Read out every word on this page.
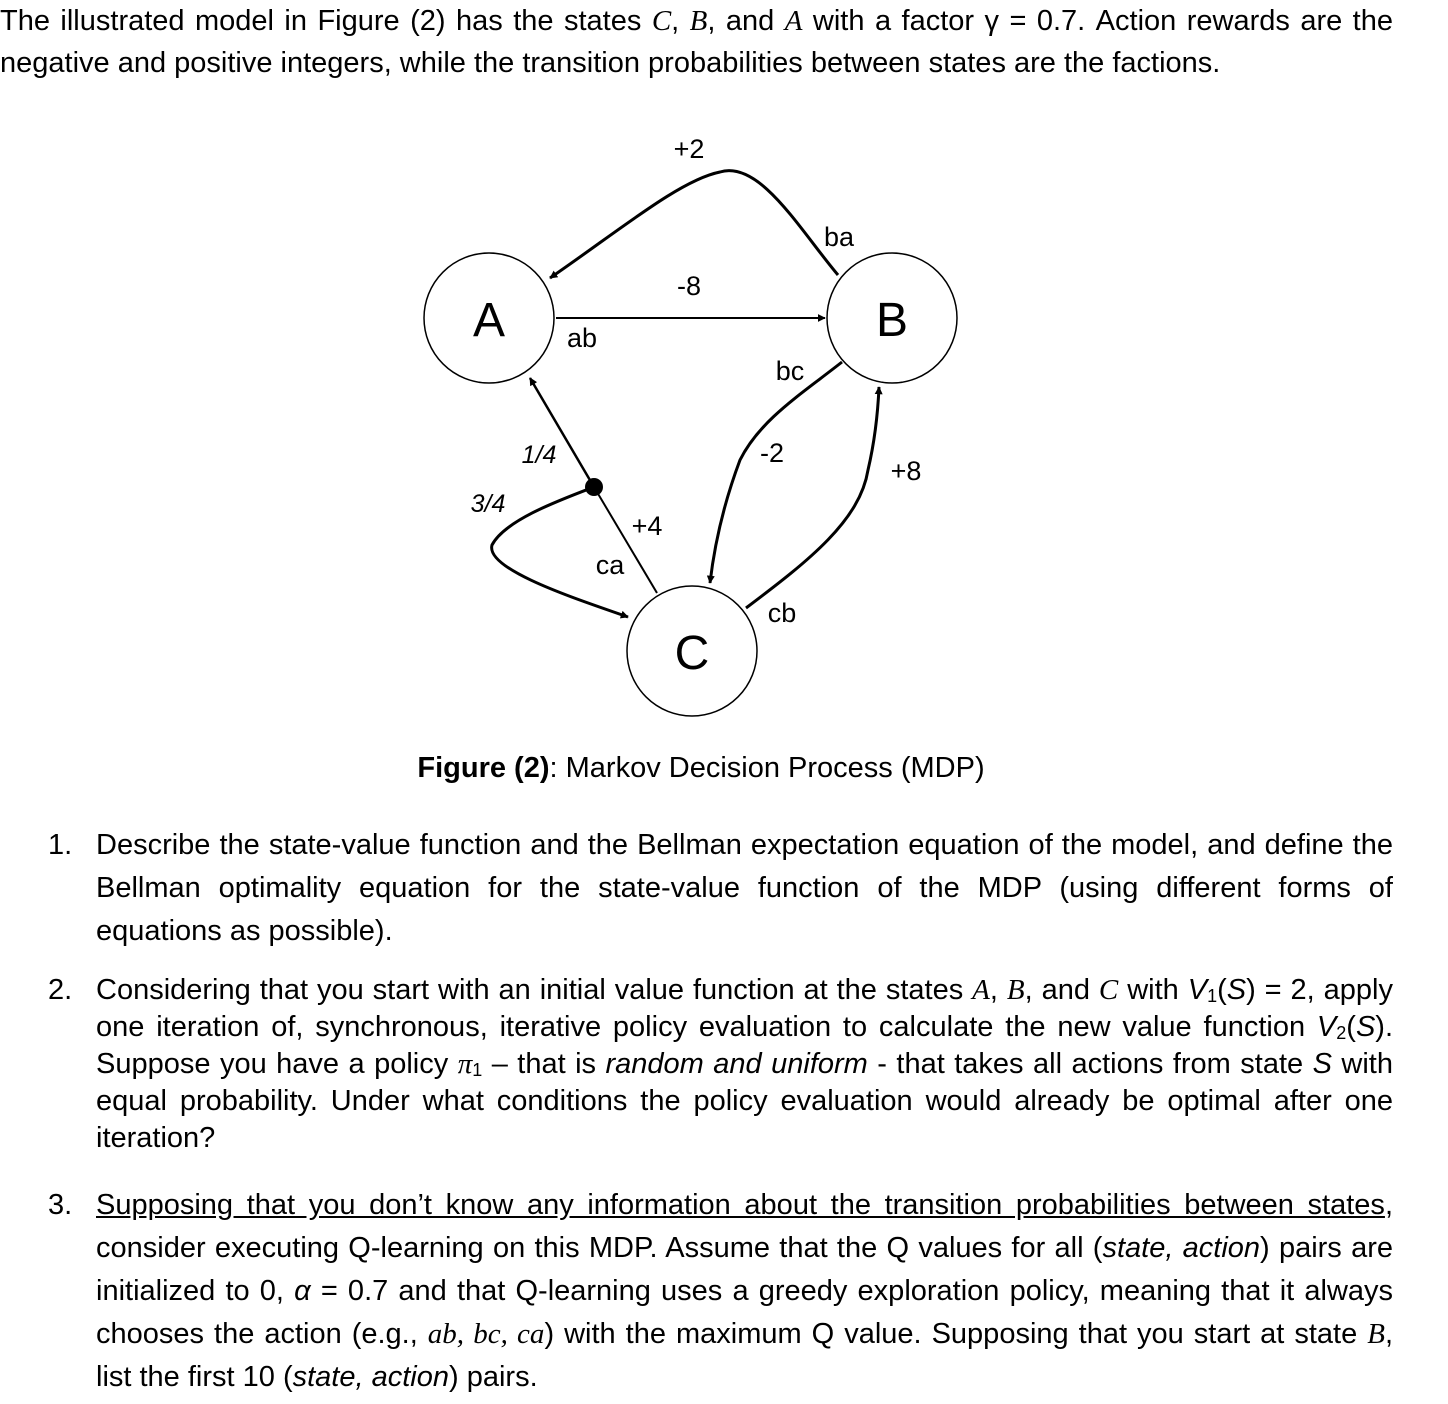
The illustrated model in Figure (2) has the states C, B, and A with a factor γ = 0.7. Action rewards are the negative and positive integers, while the transition probabilities between states are the factions.
A	B
C
+2
ba
-8
ab
bc
-2
+8
cb
1/4
3/4
+4
ca
Figure (2): Markov Decision Process (MDP)
1. Describe the state-value function and the Bellman expectation equation of the model, and define the Bellman optimality equation for the state-value function of the MDP (using different forms of equations as possible).
2. Considering that you start with an initial value function at the states A, B, and C with $V_1(S) = 2$, apply one iteration of, synchronous, iterative policy evaluation to calculate the new value function $V_2(S)$. Suppose you have a policy $\pi_1$ – that is random and uniform - that takes all actions from state S with equal probability. Under what conditions the policy evaluation would already be optimal after one iteration?
3. Supposing that you don’t know any information about the transition probabilities between states, consider executing Q-learning on this MDP. Assume that the Q values for all (state, action) pairs are initialized to 0, α = 0.7 and that Q-learning uses a greedy exploration policy, meaning that it always chooses the action (e.g., ab, bc, ca) with the maximum Q value. Supposing that you start at state B, list the first 10 (state, action) pairs.
